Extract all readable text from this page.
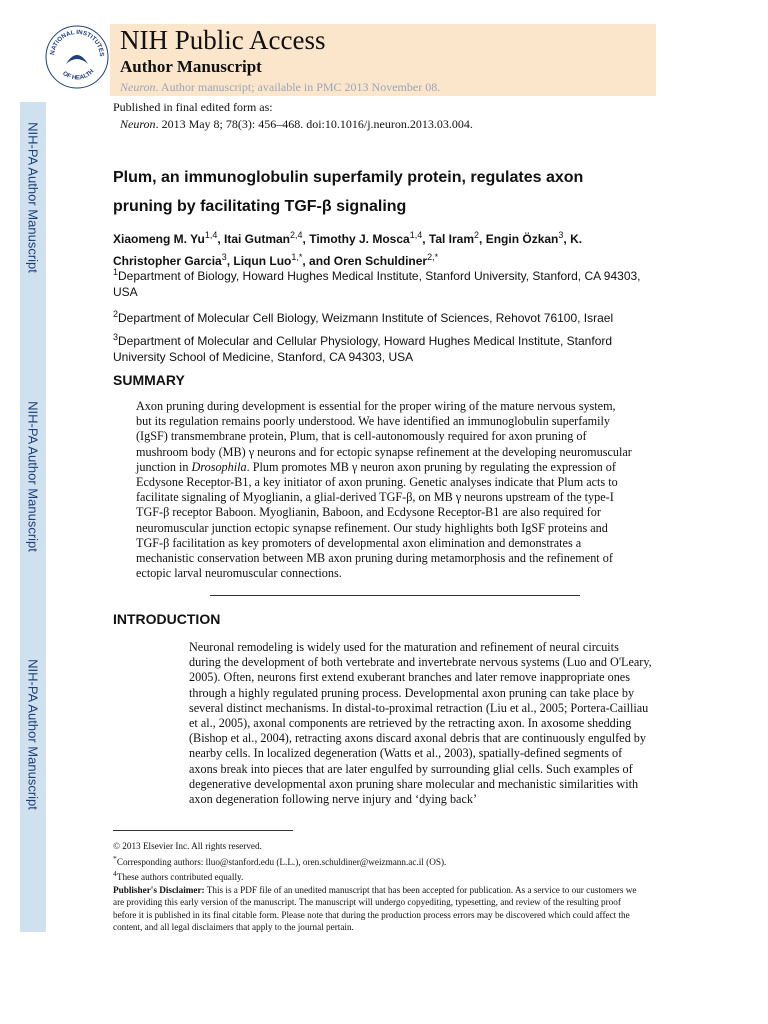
NIH-PA Author Manuscript
NIH-PA Author Manuscript
NIH-PA Author Manuscript
NATIONAL INSTITUTES
OF HEALTH
NIH Public Access
Author Manuscript
Neuron. Author manuscript; available in PMC 2013 November 08.
Published in final edited form as:
Neuron. 2013 May 8; 78(3): 456–468. doi:10.1016/j.neuron.2013.03.004.
Plum, an immunoglobulin superfamily protein, regulates axon
pruning by facilitating TGF-β signaling
Xiaomeng M. Yu$^{1,4}$, Itai Gutman$^{2,4}$, Timothy J. Mosca$^{1,4}$, Tal Iram$^2$, Engin Özkan$^3$, K. Christopher Garcia$^3$, Liqun Luo$^{1,*}$, and Oren Schuldiner$^{2,*}$
$^1$Department of Biology, Howard Hughes Medical Institute, Stanford University, Stanford, CA 94303, USA
$^2$Department of Molecular Cell Biology, Weizmann Institute of Sciences, Rehovot 76100, Israel
$^3$Department of Molecular and Cellular Physiology, Howard Hughes Medical Institute, Stanford University School of Medicine, Stanford, CA 94303, USA
SUMMARY
Axon pruning during development is essential for the proper wiring of the mature nervous system, but its regulation remains poorly understood. We have identified an immunoglobulin superfamily (IgSF) transmembrane protein, Plum, that is cell-autonomously required for axon pruning of mushroom body (MB) γ neurons and for ectopic synapse refinement at the developing neuromuscular junction in Drosophila. Plum promotes MB γ neuron axon pruning by regulating the expression of Ecdysone Receptor-B1, a key initiator of axon pruning. Genetic analyses indicate that Plum acts to facilitate signaling of Myoglianin, a glial-derived TGF-β, on MB γ neurons upstream of the type-I TGF-β receptor Baboon. Myoglianin, Baboon, and Ecdysone Receptor-B1 are also required for neuromuscular junction ectopic synapse refinement. Our study highlights both IgSF proteins and TGF-β facilitation as key promoters of developmental axon elimination and demonstrates a mechanistic conservation between MB axon pruning during metamorphosis and the refinement of ectopic larval neuromuscular connections.
INTRODUCTION
Neuronal remodeling is widely used for the maturation and refinement of neural circuits during the development of both vertebrate and invertebrate nervous systems (Luo and O'Leary, 2005). Often, neurons first extend exuberant branches and later remove inappropriate ones through a highly regulated pruning process. Developmental axon pruning can take place by several distinct mechanisms. In distal-to-proximal retraction (Liu et al., 2005; Portera-Cailliau et al., 2005), axonal components are retrieved by the retracting axon. In axosome shedding (Bishop et al., 2004), retracting axons discard axonal debris that are continuously engulfed by nearby cells. In localized degeneration (Watts et al., 2003), spatially-defined segments of axons break into pieces that are later engulfed by surrounding glial cells. Such examples of degenerative developmental axon pruning share molecular and mechanistic similarities with axon degeneration following nerve injury and ‘dying back’

© 2013 Elsevier Inc. All rights reserved.

*Corresponding authors: lluo@stanford.edu (L.L.), oren.schuldiner@weizmann.ac.il (OS).

$^4$These authors contributed equally.

Publisher's Disclaimer: This is a PDF file of an unedited manuscript that has been accepted for publication. As a service to our customers we are providing this early version of the manuscript. The manuscript will undergo copyediting, typesetting, and review of the resulting proof before it is published in its final citable form. Please note that during the production process errors may be discovered which could affect the content, and all legal disclaimers that apply to the journal pertain.
